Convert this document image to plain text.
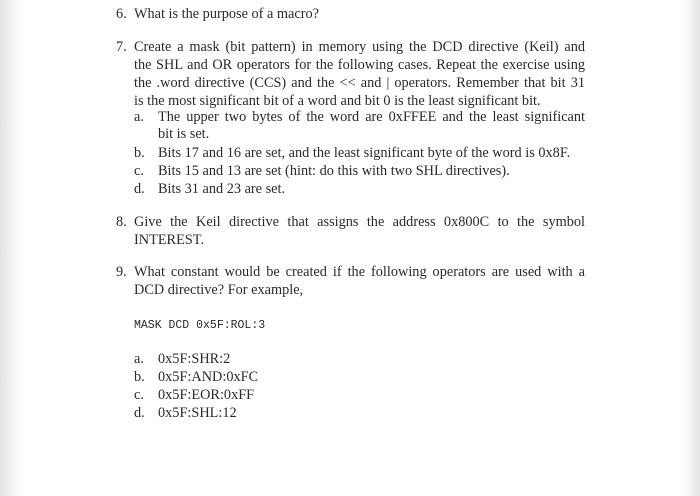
6. What is the purpose of a macro?
7. Create a mask (bit pattern) in memory using the DCD directive (Keil) and
the SHL and OR operators for the following cases. Repeat the exercise using
the .word directive (CCS) and the << and | operators. Remember that bit 31
is the most significant bit of a word and bit 0 is the least significant bit.
a. The upper two bytes of the word are 0xFFEE and the least significant
bit is set.
b. Bits 17 and 16 are set, and the least significant byte of the word is 0x8F.
c. Bits 15 and 13 are set (hint: do this with two SHL directives).
d. Bits 31 and 23 are set.
8. Give the Keil directive that assigns the address 0x800C to the symbol
INTEREST.
9. What constant would be created if the following operators are used with a
DCD directive? For example,
MASK DCD 0x5F:ROL:3
a. 0x5F:SHR:2
b. 0x5F:AND:0xFC
c. 0x5F:EOR:0xFF
d. 0x5F:SHL:12
